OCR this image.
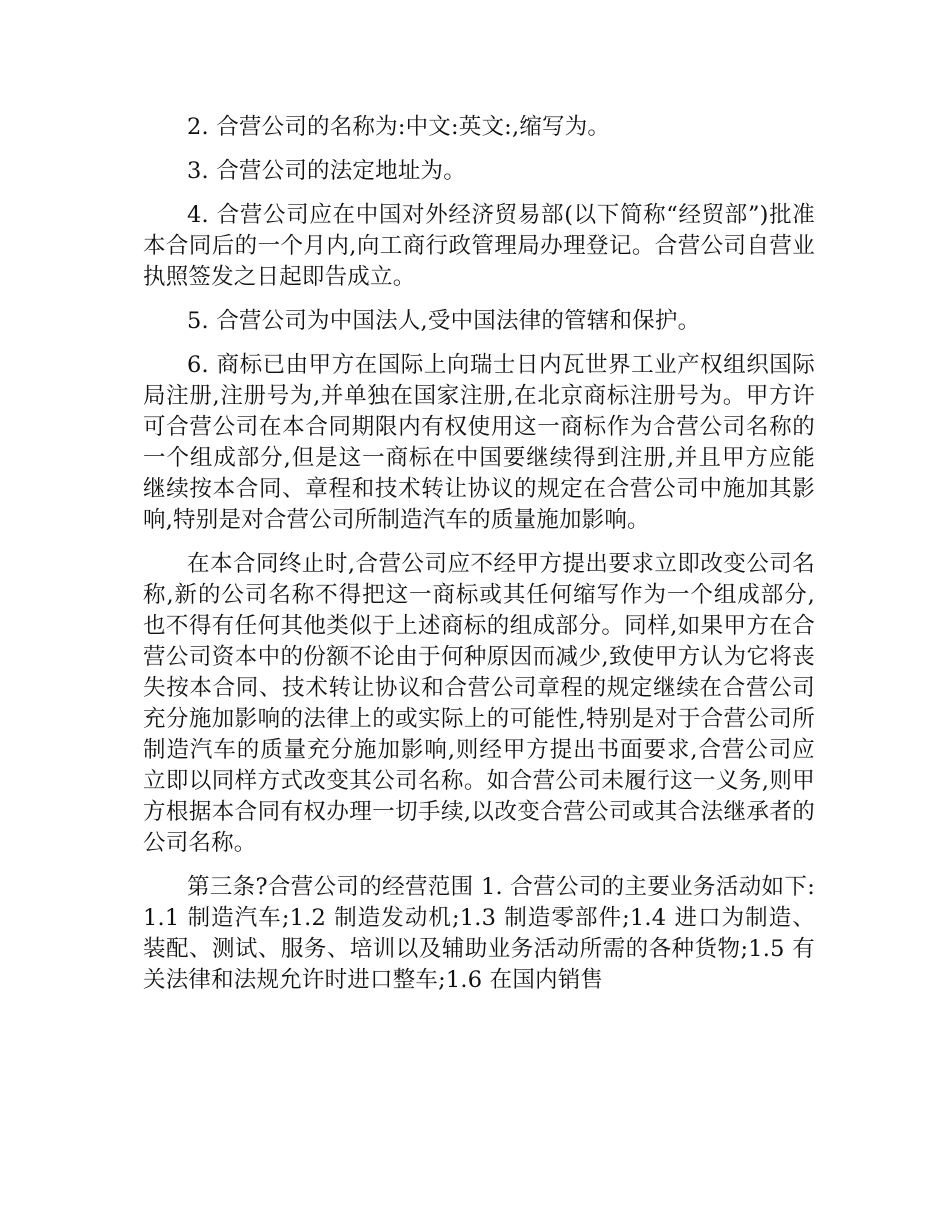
2. 合营公司的名称为:中文:英文:,缩写为。

3. 合营公司的法定地址为。

4. 合营公司应在中国对外经济贸易部(以下简称“经贸部”)批准本合同后的一个月内,向工商行政管理局办理登记。合营公司自营业执照签发之日起即告成立。

5. 合营公司为中国法人,受中国法律的管辖和保护。

6. 商标已由甲方在国际上向瑞士日内瓦世界工业产权组织国际局注册,注册号为,并单独在国家注册,在北京商标注册号为。甲方许可合营公司在本合同期限内有权使用这一商标作为合营公司名称的一个组成部分,但是这一商标在中国要继续得到注册,并且甲方应能继续按本合同、章程和技术转让协议的规定在合营公司中施加其影响,特别是对合营公司所制造汽车的质量施加影响。

在本合同终止时,合营公司应不经甲方提出要求立即改变公司名称,新的公司名称不得把这一商标或其任何缩写作为一个组成部分,也不得有任何其他类似于上述商标的组成部分。同样,如果甲方在合营公司资本中的份额不论由于何种原因而减少,致使甲方认为它将丧失按本合同、技术转让协议和合营公司章程的规定继续在合营公司充分施加影响的法律上的或实际上的可能性,特别是对于合营公司所制造汽车的质量充分施加影响,则经甲方提出书面要求,合营公司应立即以同样方式改变其公司名称。如合营公司未履行这一义务,则甲方根据本合同有权办理一切手续,以改变合营公司或其合法继承者的公司名称。

第三条?合营公司的经营范围 1. 合营公司的主要业务活动如下:1.1 制造汽车;1.2 制造发动机;1.3 制造零部件;1.4 进口为制造、装配、测试、服务、培训以及辅助业务活动所需的各种货物;1.5 有关法律和法规允许时进口整车;1.6 在国内销售
